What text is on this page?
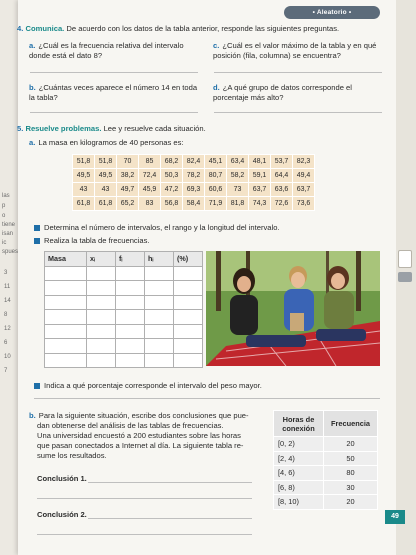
las
p
o
tiene
isan
ic
spues
3
11
14
8
12
6
10
7
• Aleatorio •
4. Comunica. De acuerdo con los datos de la tabla anterior, responde las siguientes preguntas.
a. ¿Cuál es la frecuencia relativa del intervalo donde está el dato 8?
c. ¿Cuál es el valor máximo de la tabla y en qué posición (fila, columna) se encuentra?
b. ¿Cuántas veces aparece el número 14 en toda la tabla?
d. ¿A qué grupo de datos corresponde el porcentaje más alto?
5. Resuelve problemas. Lee y resuelve cada situación.
a. La masa en kilogramos de 40 personas es:
51,8	51,8	70	85	68,2	82,4	45,1	63,4	48,1	53,7	82,3
49,5	49,5	38,2	72,4	50,3	78,2	80,7	58,2	59,1	64,4	49,4
43	43	49,7	45,9	47,2	69,3	60,6	73	63,7	63,6	63,7
61,8	61,8	65,2	83	56,8	58,4	71,9	81,8	74,3	72,6	73,6
Determina el número de intervalos, el rango y la longitud del intervalo.
Realiza la tabla de frecuencias.
Masa	xᵢ	fᵢ	hᵢ	(%)

Indica a qué porcentaje corresponde el intervalo del peso mayor.
b. Para la siguiente situación, escribe dos conclusiones que pue-
dan obtenerse del análisis de las tablas de frecuencias.
Una universidad encuestó a 200 estudiantes sobre las horas
que pasan conectados a Internet al día. La siguiente tabla re-
sume los resultados.
Conclusión 1.
Conclusión 2.
Horas de conexión	Frecuencia
[0, 2)	20
[2, 4)	50
[4, 6)	80
[6, 8)	30
[8, 10)	20
49
